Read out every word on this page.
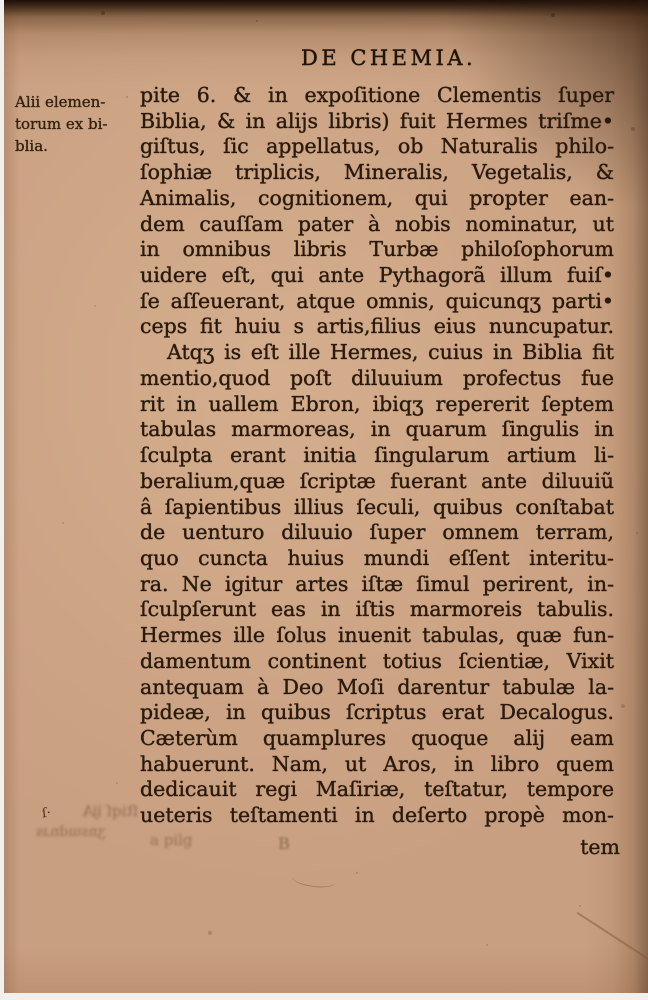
DE CHEMIA.
Alii elemen-
torum ex bi-
blia.
pite 6. & in expoſitione Clementis ſuper
Biblia, & in alijs libris) fuit Hermes triſme•
giſtus, ſic appellatus, ob Naturalis philo-
ſophiæ triplicis, Mineralis, Vegetalis, &
Animalis, cognitionem, qui propter ean-
dem cauſſam pater à nobis nominatur, ut
in omnibus libris Turbæ philoſophorum
uidere eſt, qui ante Pythagorã illum fuiſ•
ſe aſſeuerant, atque omnis, quicunqʒ parti•
ceps fit huiu s artis,filius eius nuncupatur.
Atqʒ is eſt ille Hermes, cuius in Biblia fit
mentio,quod poſt diluuium profectus fue
rit in uallem Ebron, ibiqʒ repererit ſeptem
tabulas marmoreas, in quarum ſingulis in
ſculpta erant initia ſingularum artium li-
beralium,quæ ſcriptæ fuerant ante diluuiũ
â ſapientibus illius ſeculi, quibus conſtabat
de uenturo diluuio ſuper omnem terram,
quo cuncta huius mundi eſſent interitu-
ra. Ne igitur artes iſtæ ſimul perirent, in-
ſculpſerunt eas in iſtis marmoreis tabulis.
Hermes ille ſolus inuenit tabulas, quæ fun-
damentum continent totius ſcientiæ, Vixit
antequam à Deo Moſi darentur tabulæ la-
pideæ, in quibus ſcriptus erat Decalogus.
Cæterùm quamplures quoque alij eam
habuerunt. Nam, ut Aros, in libro quem
dedicauit regi Maſiriæ, teſtatur, tempore
ueteris teſtamenti in deſerto propè mon-
tem
ſtiqſ ĳA
ʒnsɯdnɹs	a pilg	B
ſ·
